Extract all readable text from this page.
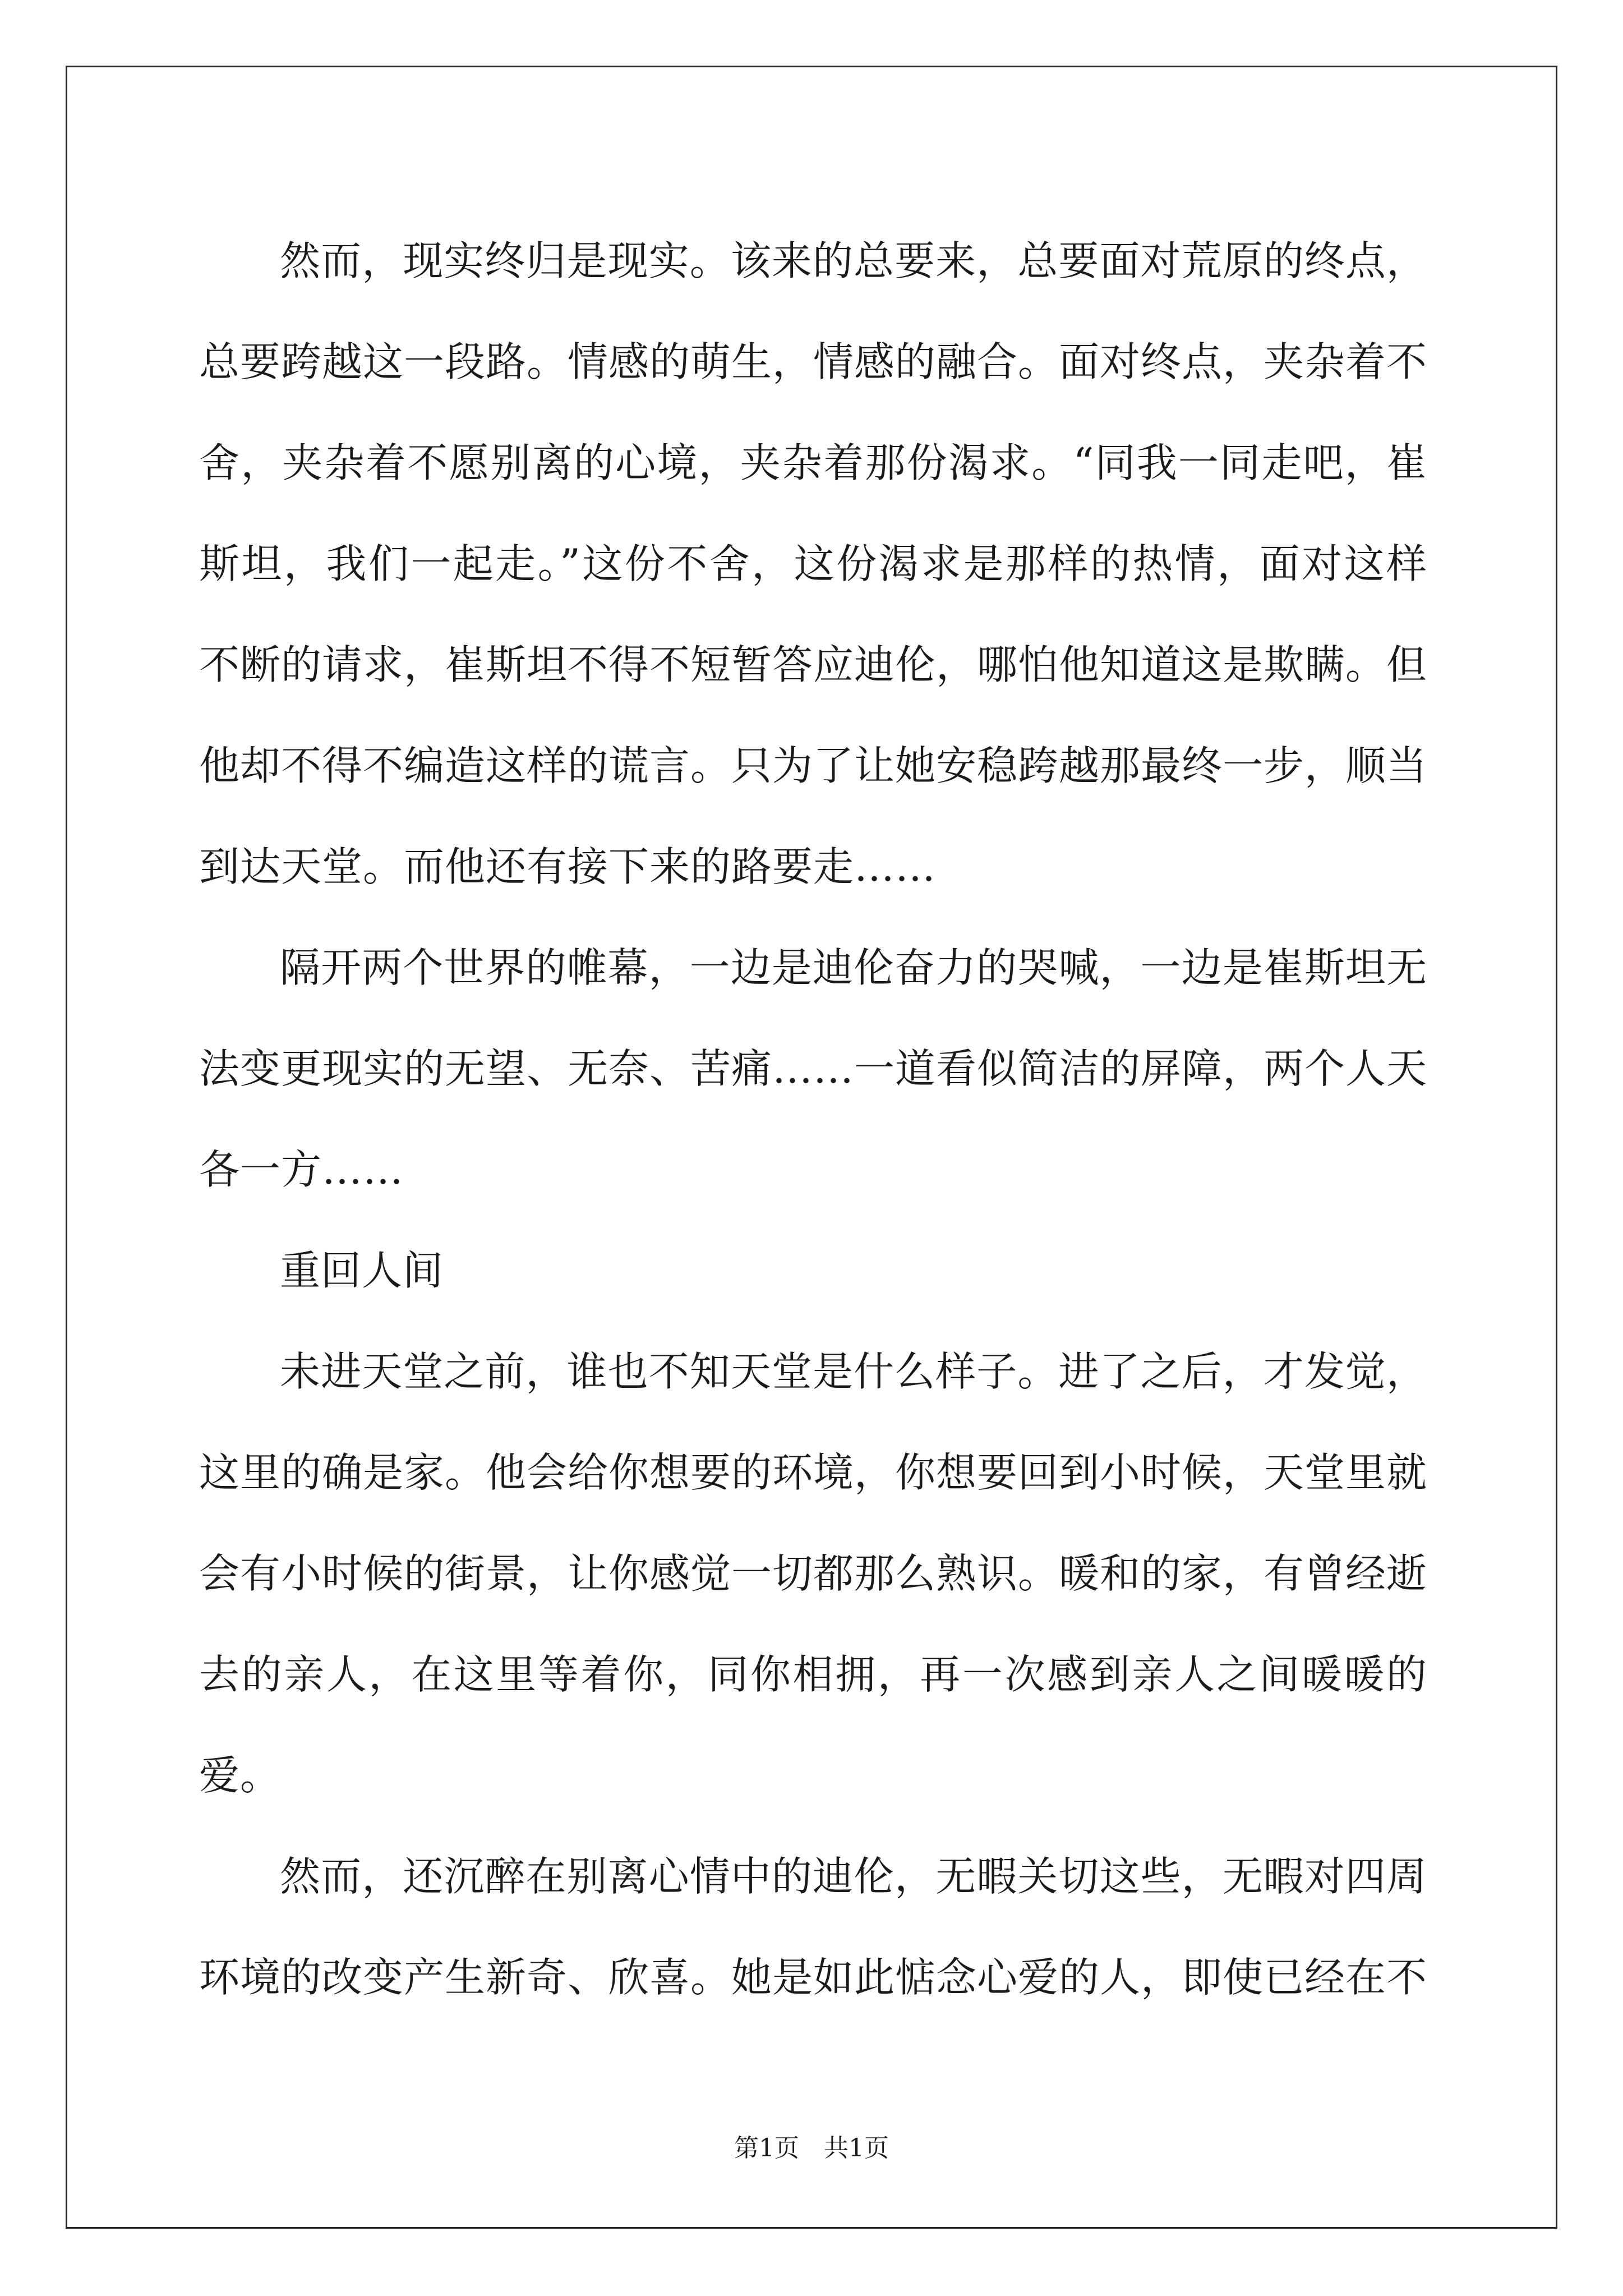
然而，现实终归是现实。该来的总要来，总要面对荒原的终点，总要跨越这一段路。情感的萌生，情感的融合。面对终点，夹杂着不舍，夹杂着不愿别离的心境，夹杂着那份渴求。“同我一同走吧，崔斯坦，我们一起走。”这份不舍，这份渴求是那样的热情，面对这样不断的请求，崔斯坦不得不短暂答应迪伦，哪怕他知道这是欺瞒。但他却不得不编造这样的谎言。只为了让她安稳跨越那最终一步，顺当到达天堂。而他还有接下来的路要走……

隔开两个世界的帷幕，一边是迪伦奋力的哭喊，一边是崔斯坦无法变更现实的无望、无奈、苦痛……一道看似简洁的屏障，两个人天各一方……

重回人间

未进天堂之前，谁也不知天堂是什么样子。进了之后，才发觉，这里的确是家。他会给你想要的环境，你想要回到小时候，天堂里就会有小时候的街景，让你感觉一切都那么熟识。暖和的家，有曾经逝去的亲人，在这里等着你，同你相拥，再一次感到亲人之间暖暖的爱。

然而，还沉醉在别离心情中的迪伦，无暇关切这些，无暇对四周环境的改变产生新奇、欣喜。她是如此惦念心爱的人，即使已经在不

第1页 共1页
